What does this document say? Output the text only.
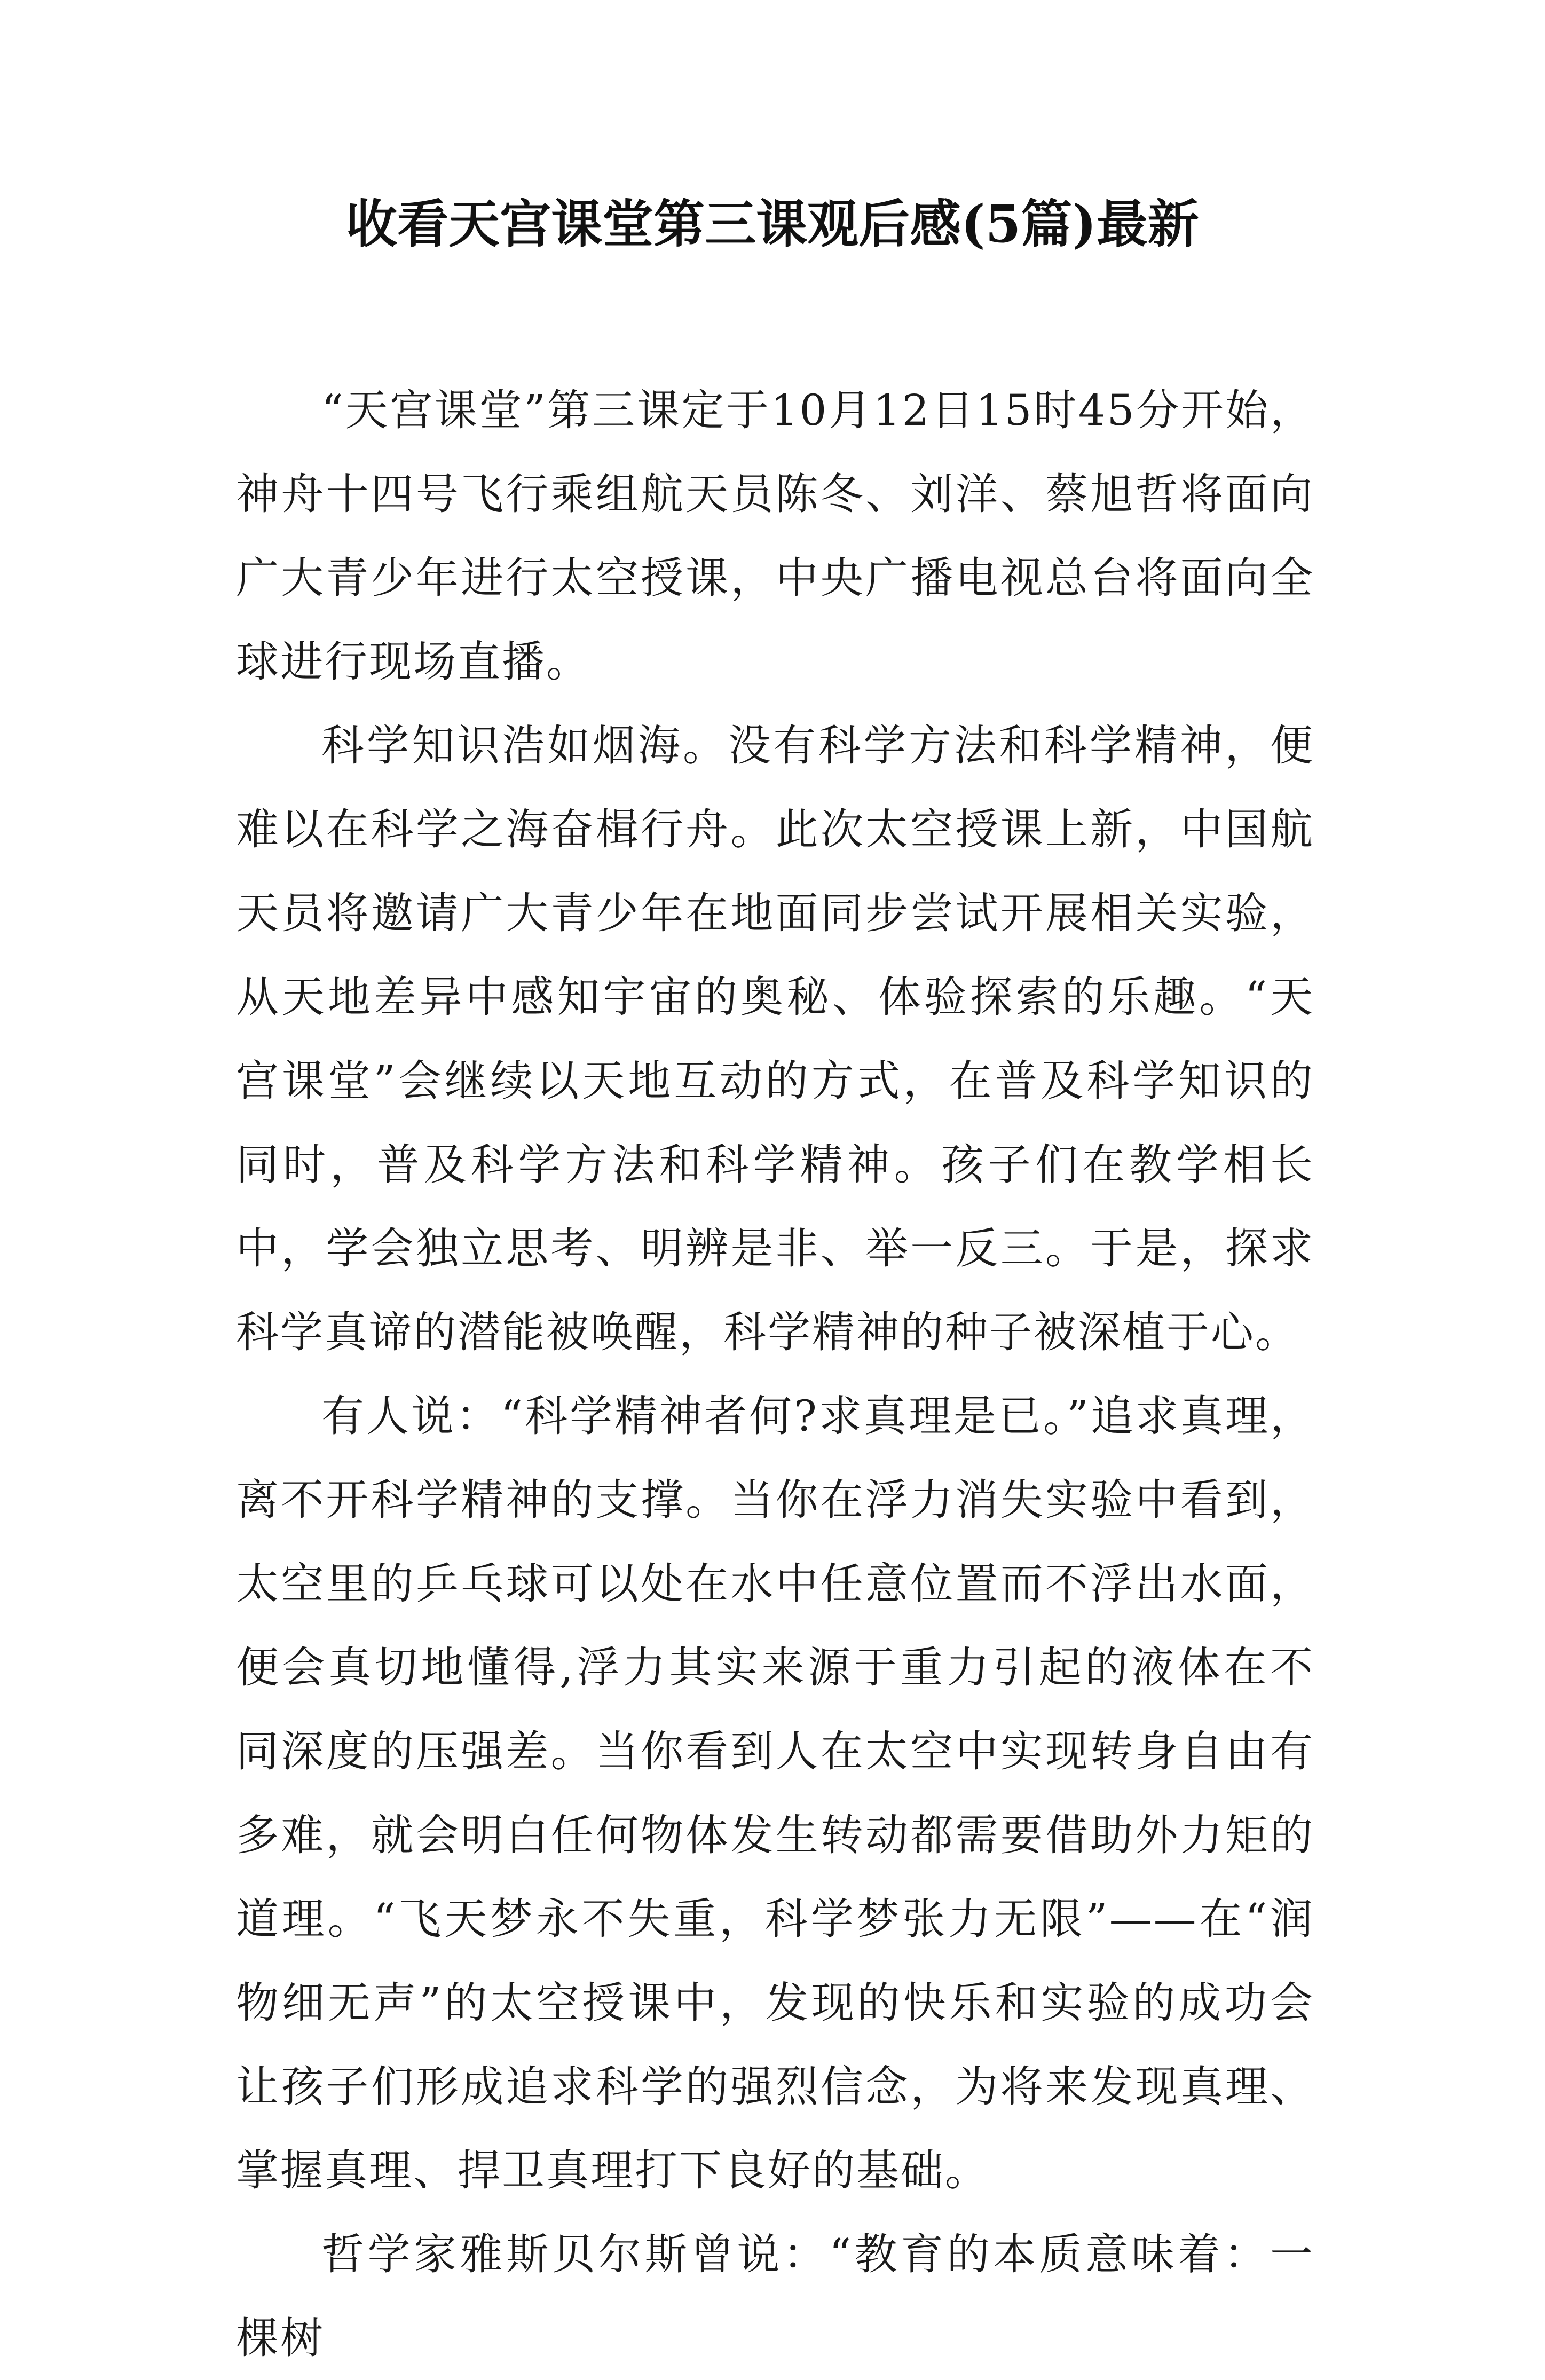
收看天宫课堂第三课观后感(5篇)最新

“天宫课堂”第三课定于10月12日15时45分开始，神舟十四号飞行乘组航天员陈冬、刘洋、蔡旭哲将面向广大青少年进行太空授课，中央广播电视总台将面向全球进行现场直播。

科学知识浩如烟海。没有科学方法和科学精神，便难以在科学之海奋楫行舟。此次太空授课上新，中国航天员将邀请广大青少年在地面同步尝试开展相关实验，从天地差异中感知宇宙的奥秘、体验探索的乐趣。“天宫课堂”会继续以天地互动的方式，在普及科学知识的同时，普及科学方法和科学精神。孩子们在教学相长中，学会独立思考、明辨是非、举一反三。于是，探求科学真谛的潜能被唤醒，科学精神的种子被深植于心。

有人说：“科学精神者何?求真理是已。”追求真理，离不开科学精神的支撑。当你在浮力消失实验中看到，太空里的乒乓球可以处在水中任意位置而不浮出水面，便会真切地懂得,浮力其实来源于重力引起的液体在不同深度的压强差。当你看到人在太空中实现转身自由有多难，就会明白任何物体发生转动都需要借助外力矩的道理。“飞天梦永不失重，科学梦张力无限”——在“润物细无声”的太空授课中，发现的快乐和实验的成功会让孩子们形成追求科学的强烈信念，为将来发现真理、掌握真理、捍卫真理打下良好的基础。

哲学家雅斯贝尔斯曾说：“教育的本质意味着：一棵树
